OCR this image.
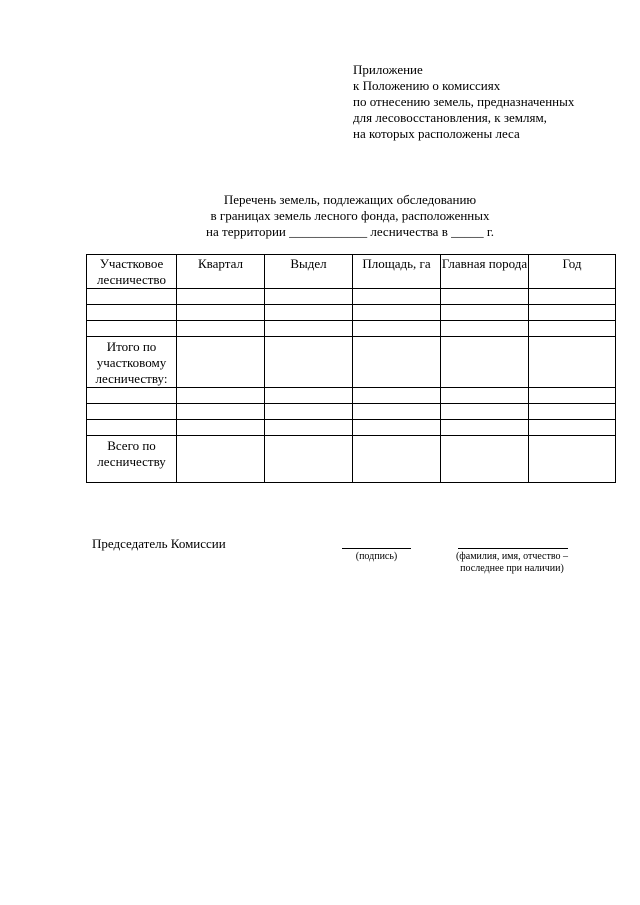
Приложение
к Положению о комиссиях
по отнесению земель, предназначенных
для лесовосстановления, к землям,
на которых расположены леса
Перечень земель, подлежащих обследованию
в границах земель лесного фонда, расположенных
на территории ____________ лесничества в _____ г.
Участковое лесничество	Квартал	Выдел	Площадь, га	Главная порода	Год

Итого по участковому лесничеству:					

Всего по лесничеству					
Председатель Комиссии
(подпись)	(фамилия, имя, отчество –
последнее при наличии)
